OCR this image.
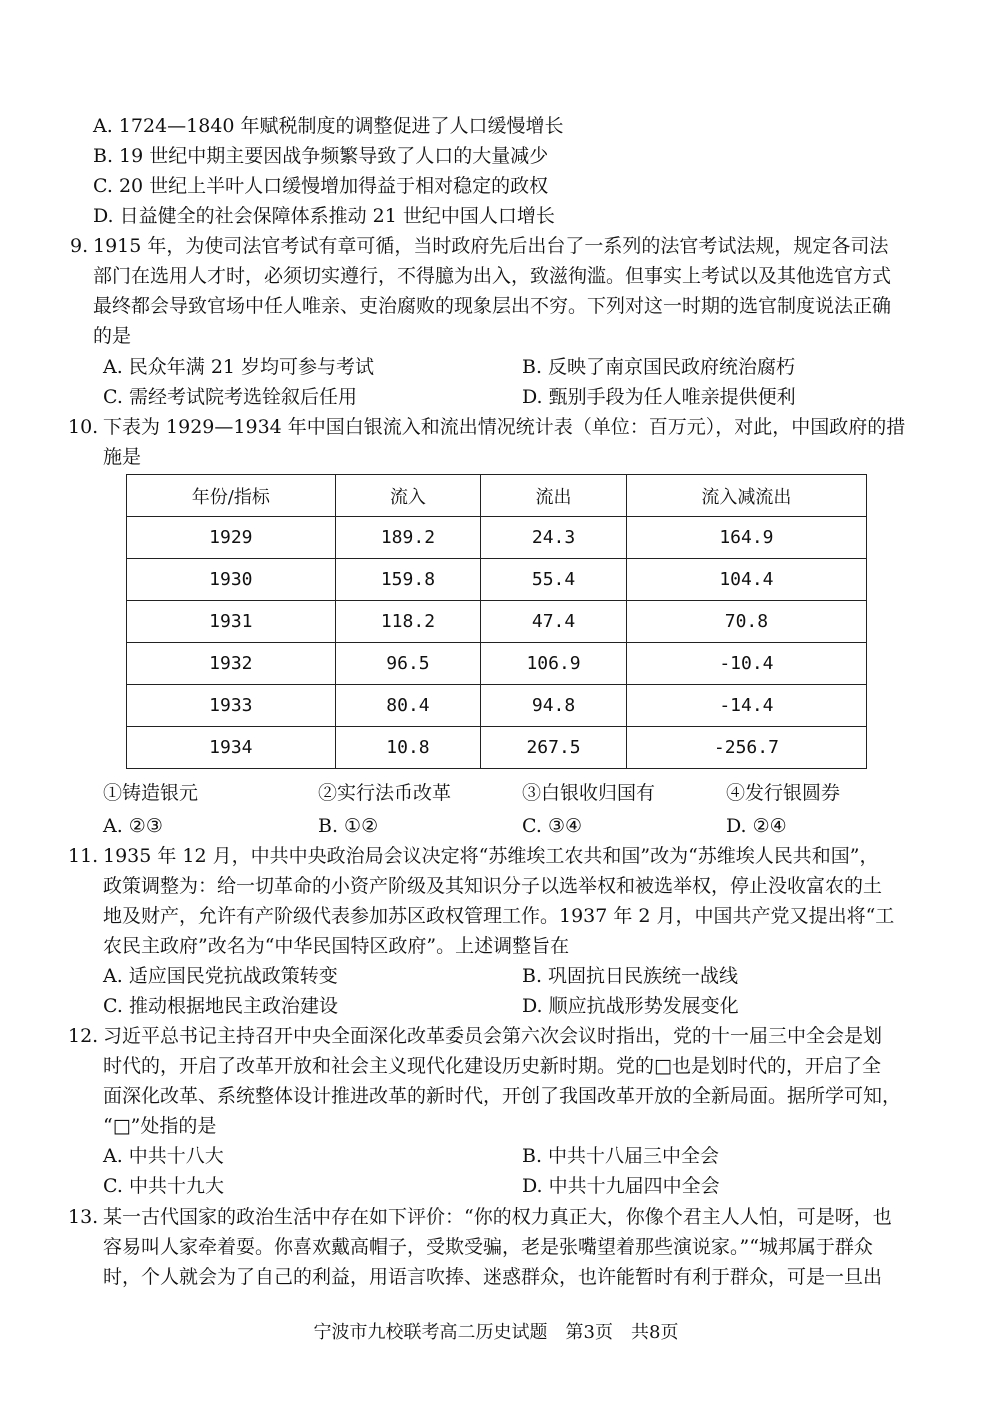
A. 1724—1840 年赋税制度的调整促进了人口缓慢增长
B. 19 世纪中期主要因战争频繁导致了人口的大量减少
C. 20 世纪上半叶人口缓慢增加得益于相对稳定的政权
D. 日益健全的社会保障体系推动 21 世纪中国人口增长
9. 1915 年，为使司法官考试有章可循，当时政府先后出台了一系列的法官考试法规，规定各司法
部门在选用人才时，必须切实遵行，不得臆为出入，致滋徇滥。但事实上考试以及其他选官方式
最终都会导致官场中任人唯亲、吏治腐败的现象层出不穷。下列对这一时期的选官制度说法正确
的是
A. 民众年满 21 岁均可参与考试	B. 反映了南京国民政府统治腐朽
C. 需经考试院考选铨叙后任用	D. 甄别手段为任人唯亲提供便利
10. 下表为 1929—1934 年中国白银流入和流出情况统计表（单位：百万元），对此，中国政府的措
施是
年份/指标	流入	流出	流入减流出
1929	189.2	24.3	164.9
1930	159.8	55.4	104.4
1931	118.2	47.4	70.8
1932	96.5	106.9	-10.4
1933	80.4	94.8	-14.4
1934	10.8	267.5	-256.7
①铸造银元	②实行法币改革	③白银收归国有	④发行银圆券
A. ②③	B. ①②	C. ③④	D. ②④
11. 1935 年 12 月，中共中央政治局会议决定将“苏维埃工农共和国”改为“苏维埃人民共和国”，
政策调整为：给一切革命的小资产阶级及其知识分子以选举权和被选举权，停止没收富农的土
地及财产，允许有产阶级代表参加苏区政权管理工作。1937 年 2 月，中国共产党又提出将“工
农民主政府”改名为“中华民国特区政府”。上述调整旨在
A. 适应国民党抗战政策转变	B. 巩固抗日民族统一战线
C. 推动根据地民主政治建设	D. 顺应抗战形势发展变化
12. 习近平总书记主持召开中央全面深化改革委员会第六次会议时指出，党的十一届三中全会是划
时代的，开启了改革开放和社会主义现代化建设历史新时期。党的□也是划时代的，开启了全
面深化改革、系统整体设计推进改革的新时代，开创了我国改革开放的全新局面。据所学可知，
“□”处指的是
A. 中共十八大	B. 中共十八届三中全会
C. 中共十九大	D. 中共十九届四中全会
13. 某一古代国家的政治生活中存在如下评价：“你的权力真正大，你像个君主人人怕，可是呀，也
容易叫人家牵着耍。你喜欢戴高帽子，受欺受骗，老是张嘴望着那些演说家。”“城邦属于群众
时，个人就会为了自己的利益，用语言吹捧、迷惑群众，也许能暂时有利于群众，可是一旦出
宁波市九校联考高二历史试题　第3页　共8页
